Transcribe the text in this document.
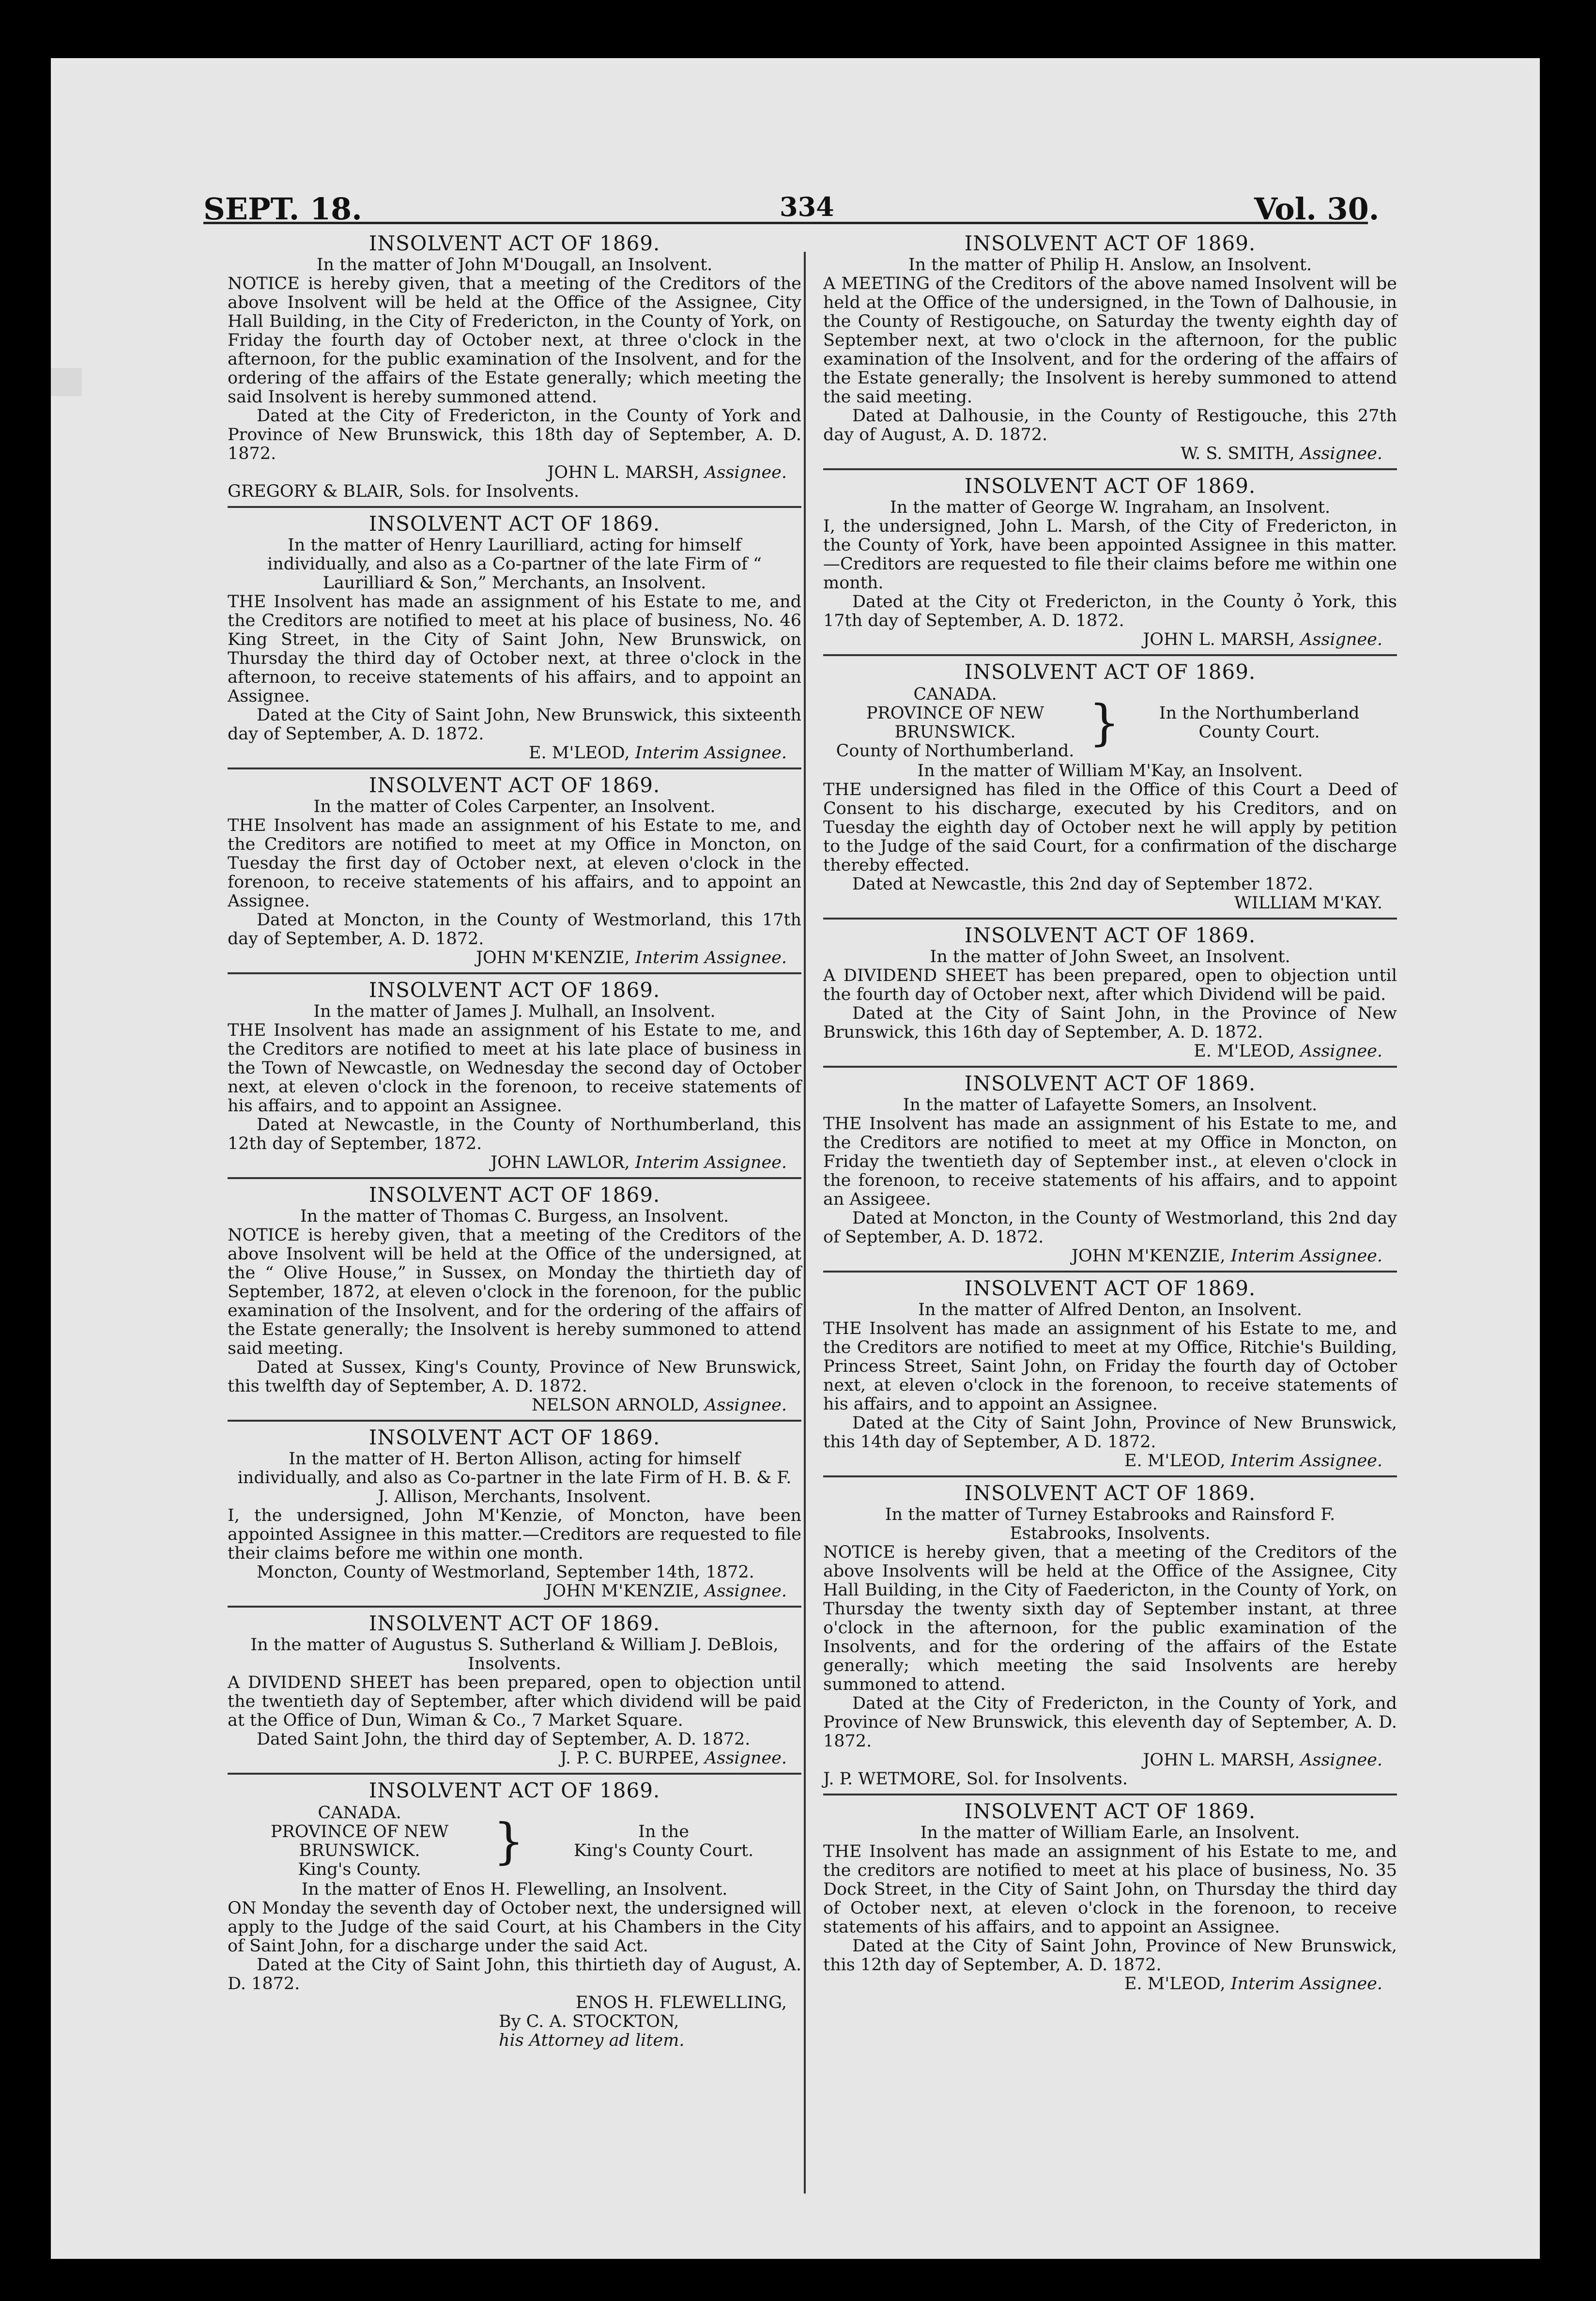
SEPT. 18.	334	Vol. 30.
INSOLVENT ACT OF 1869.

In the matter of John M'Dougall, an Insolvent.

NOTICE is hereby given, that a meeting of the Creditors of the above Insolvent will be held at the Office of the Assignee, City Hall Building, in the City of Fredericton, in the County of York, on Friday the fourth day of October next, at three o'clock in the afternoon, for the public examination of the Insolvent, and for the ordering of the affairs of the Estate generally; which meeting the said Insolvent is hereby summoned attend.

Dated at the City of Fredericton, in the County of York and Province of New Brunswick, this 18th day of September, A. D. 1872.

JOHN L. MARSH, Assignee.

GREGORY & BLAIR, Sols. for Insolvents.

INSOLVENT ACT OF 1869.

In the matter of Henry Laurilliard, acting for himself individually, and also as a Co-partner of the late Firm of “ Laurilliard & Son,” Merchants, an Insolvent.

THE Insolvent has made an assignment of his Estate to me, and the Creditors are notified to meet at his place of business, No. 46 King Street, in the City of Saint John, New Brunswick, on Thursday the third day of October next, at three o'clock in the afternoon, to receive statements of his affairs, and to appoint an Assignee.

Dated at the City of Saint John, New Brunswick, this sixteenth day of September, A. D. 1872.

E. M'LEOD, Interim Assignee.

INSOLVENT ACT OF 1869.

In the matter of Coles Carpenter, an Insolvent.

THE Insolvent has made an assignment of his Estate to me, and the Creditors are notified to meet at my Office in Moncton, on Tuesday the first day of October next, at eleven o'clock in the forenoon, to receive statements of his affairs, and to appoint an Assignee.

Dated at Moncton, in the County of Westmorland, this 17th day of September, A. D. 1872.

JOHN M'KENZIE, Interim Assignee.

INSOLVENT ACT OF 1869.

In the matter of James J. Mulhall, an Insolvent.

THE Insolvent has made an assignment of his Estate to me, and the Creditors are notified to meet at his late place of business in the Town of Newcastle, on Wednesday the second day of October next, at eleven o'clock in the forenoon, to receive statements of his affairs, and to appoint an Assignee.

Dated at Newcastle, in the County of Northumberland, this 12th day of September, 1872.

JOHN LAWLOR, Interim Assignee.

INSOLVENT ACT OF 1869.

In the matter of Thomas C. Burgess, an Insolvent.

NOTICE is hereby given, that a meeting of the Creditors of the above Insolvent will be held at the Office of the undersigned, at the “ Olive House,” in Sussex, on Monday the thirtieth day of September, 1872, at eleven o'clock in the forenoon, for the public examination of the Insolvent, and for the ordering of the affairs of the Estate generally; the Insolvent is hereby summoned to attend said meeting.

Dated at Sussex, King's County, Province of New Brunswick, this twelfth day of September, A. D. 1872.

NELSON ARNOLD, Assignee.

INSOLVENT ACT OF 1869.

In the matter of H. Berton Allison, acting for himself individually, and also as Co-partner in the late Firm of H. B. & F. J. Allison, Merchants, Insolvent.

I, the undersigned, John M'Kenzie, of Moncton, have been appointed Assignee in this matter.—Creditors are requested to file their claims before me within one month.

Moncton, County of Westmorland, September 14th, 1872.

JOHN M'KENZIE, Assignee.

INSOLVENT ACT OF 1869.

In the matter of Augustus S. Sutherland & William J. DeBlois, Insolvents.

A DIVIDEND SHEET has been prepared, open to objection until the twentieth day of September, after which dividend will be paid at the Office of Dun, Wiman & Co., 7 Market Square.

Dated Saint John, the third day of September, A. D. 1872.

J. P. C. BURPEE, Assignee.

INSOLVENT ACT OF 1869.
CANADA.
PROVINCE OF NEW BRUNSWICK.
King's County.	}	In the
King's County Court.

In the matter of Enos H. Flewelling, an Insolvent.

ON Monday the seventh day of October next, the undersigned will apply to the Judge of the said Court, at his Chambers in the City of Saint John, for a discharge under the said Act.

Dated at the City of Saint John, this thirtieth day of August, A. D. 1872.

ENOS H. FLEWELLING,

By C. A. STOCKTON,

his Attorney ad litem.

INSOLVENT ACT OF 1869.

In the matter of Philip H. Anslow, an Insolvent.

A MEETING of the Creditors of the above named Insolvent will be held at the Office of the undersigned, in the Town of Dalhousie, in the County of Restigouche, on Saturday the twenty eighth day of September next, at two o'clock in the afternoon, for the public examination of the Insolvent, and for the ordering of the affairs of the Estate generally; the Insolvent is hereby summoned to attend the said meeting.

Dated at Dalhousie, in the County of Restigouche, this 27th day of August, A. D. 1872.

W. S. SMITH, Assignee.

INSOLVENT ACT OF 1869.

In the matter of George W. Ingraham, an Insolvent.

I, the undersigned, John L. Marsh, of the City of Fredericton, in the County of York, have been appointed Assignee in this matter.—Creditors are requested to file their claims before me within one month.

Dated at the City ot Fredericton, in the County ỏ York, this 17th day of September, A. D. 1872.

JOHN L. MARSH, Assignee.

INSOLVENT ACT OF 1869.
CANADA.
PROVINCE OF NEW BRUNSWICK.
County of Northumberland. }	In the Northumberland
County Court.

In the matter of William M'Kay, an Insolvent.

THE undersigned has filed in the Office of this Court a Deed of Consent to his discharge, executed by his Creditors, and on Tuesday the eighth day of October next he will apply by petition to the Judge of the said Court, for a confirmation of the discharge thereby effected.

Dated at Newcastle, this 2nd day of September 1872.

WILLIAM M'KAY.

INSOLVENT ACT OF 1869.

In the matter of John Sweet, an Insolvent.

A DIVIDEND SHEET has been prepared, open to objection until the fourth day of October next, after which Dividend will be paid.

Dated at the City of Saint John, in the Province of New Brunswick, this 16th day of September, A. D. 1872.

E. M'LEOD, Assignee.

INSOLVENT ACT OF 1869.

In the matter of Lafayette Somers, an Insolvent.

THE Insolvent has made an assignment of his Estate to me, and the Creditors are notified to meet at my Office in Moncton, on Friday the twentieth day of September inst., at eleven o'clock in the forenoon, to receive statements of his affairs, and to appoint an Assigeee.

Dated at Moncton, in the County of Westmorland, this 2nd day of September, A. D. 1872.

JOHN M'KENZIE, Interim Assignee.

INSOLVENT ACT OF 1869.

In the matter of Alfred Denton, an Insolvent.

THE Insolvent has made an assignment of his Estate to me, and the Creditors are notified to meet at my Office, Ritchie's Building, Princess Street, Saint John, on Friday the fourth day of October next, at eleven o'clock in the forenoon, to receive statements of his affairs, and to appoint an Assignee.

Dated at the City of Saint John, Province of New Brunswick, this 14th day of September, A D. 1872.

E. M'LEOD, Interim Assignee.

INSOLVENT ACT OF 1869.

In the matter of Turney Estabrooks and Rainsford F. Estabrooks, Insolvents.

NOTICE is hereby given, that a meeting of the Creditors of the above Insolvents will be held at the Office of the Assignee, City Hall Building, in the City of Faedericton, in the County of York, on Thursday the twenty sixth day of September instant, at three o'clock in the afternoon, for the public examination of the Insolvents, and for the ordering of the affairs of the Estate generally; which meeting the said Insolvents are hereby summoned to attend.

Dated at the City of Fredericton, in the County of York, and Province of New Brunswick, this eleventh day of September, A. D. 1872.

JOHN L. MARSH, Assignee.

J. P. WETMORE, Sol. for Insolvents.

INSOLVENT ACT OF 1869.

In the matter of William Earle, an Insolvent.

THE Insolvent has made an assignment of his Estate to me, and the сreditors are notified to meet at his place of business, No. 35 Dock Street, in the City of Saint John, on Thursday the third day of October next, at eleven o'clock in the forenoon, to receive statements of his affairs, and to appoint an Assignee.

Dated at the City of Saint John, Province of New Brunswick, this 12th day of September, A. D. 1872.

E. M'LEOD, Interim Assignee.
